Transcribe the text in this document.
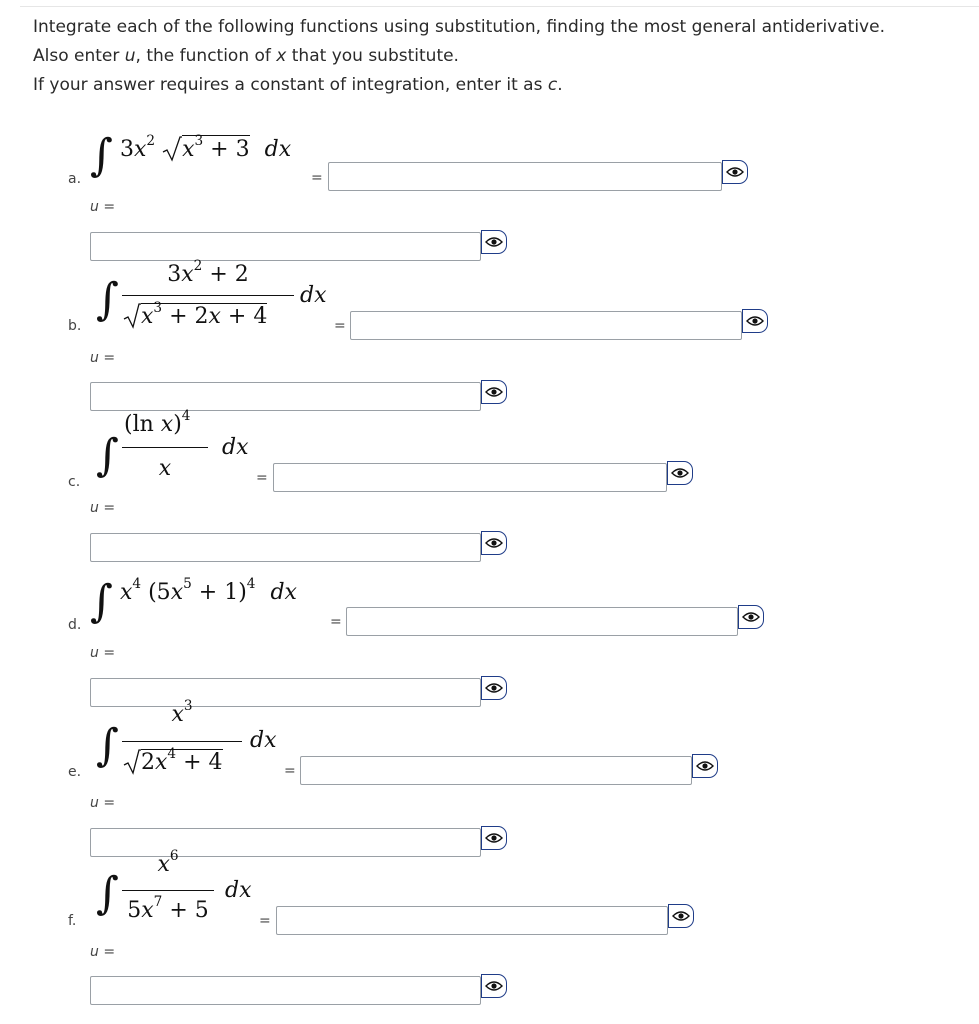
Integrate each of the following functions using substitution, finding the most general antiderivative.
Also enter u, the function of x that you substitute.
If your answer requires a constant of integration, enter it as c.
a. ∫ $3x^2$ $x^3 + 3$ dx
=
u =
b.
∫	$3x^2 + 2$
$x^3 + 2x + 4$
dx
=
u =
c.
∫
(ln x)$^4$
x
dx
=
u =
d. ∫ $x^4$ $(5x^5 + 1)^4$ dx
=
u =
e.
∫
$x^3$
$2x^4 + 4$
dx
=
u =
f.
∫
$x^6$
$5x^7 + 5$
dx
=
u =
